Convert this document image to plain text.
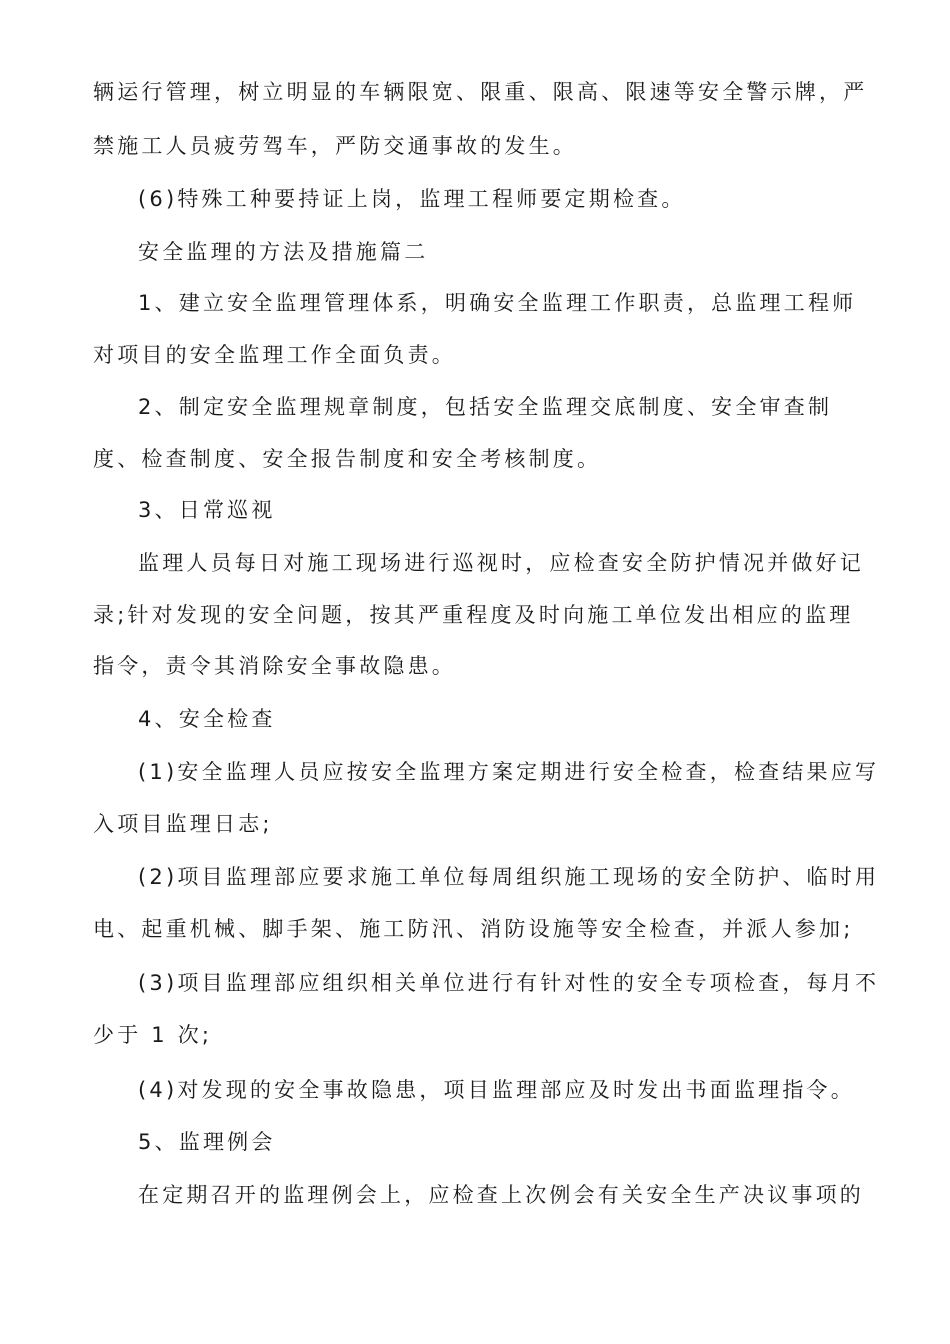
辆运行管理，树立明显的车辆限宽、限重、限高、限速等安全警示牌，严
禁施工人员疲劳驾车，严防交通事故的发生。
(6)特殊工种要持证上岗，监理工程师要定期检查。
安全监理的方法及措施篇二
1、建立安全监理管理体系，明确安全监理工作职责，总监理工程师
对项目的安全监理工作全面负责。
2、制定安全监理规章制度，包括安全监理交底制度、安全审查制
度、检查制度、安全报告制度和安全考核制度。
3、日常巡视
监理人员每日对施工现场进行巡视时，应检查安全防护情况并做好记
录;针对发现的安全问题，按其严重程度及时向施工单位发出相应的监理
指令，责令其消除安全事故隐患。
4、安全检查
(1)安全监理人员应按安全监理方案定期进行安全检查，检查结果应写
入项目监理日志;
(2)项目监理部应要求施工单位每周组织施工现场的安全防护、临时用
电、起重机械、脚手架、施工防汛、消防设施等安全检查，并派人参加;
(3)项目监理部应组织相关单位进行有针对性的安全专项检查，每月不
少于 1 次;
(4)对发现的安全事故隐患，项目监理部应及时发出书面监理指令。
5、监理例会
在定期召开的监理例会上，应检查上次例会有关安全生产决议事项的
